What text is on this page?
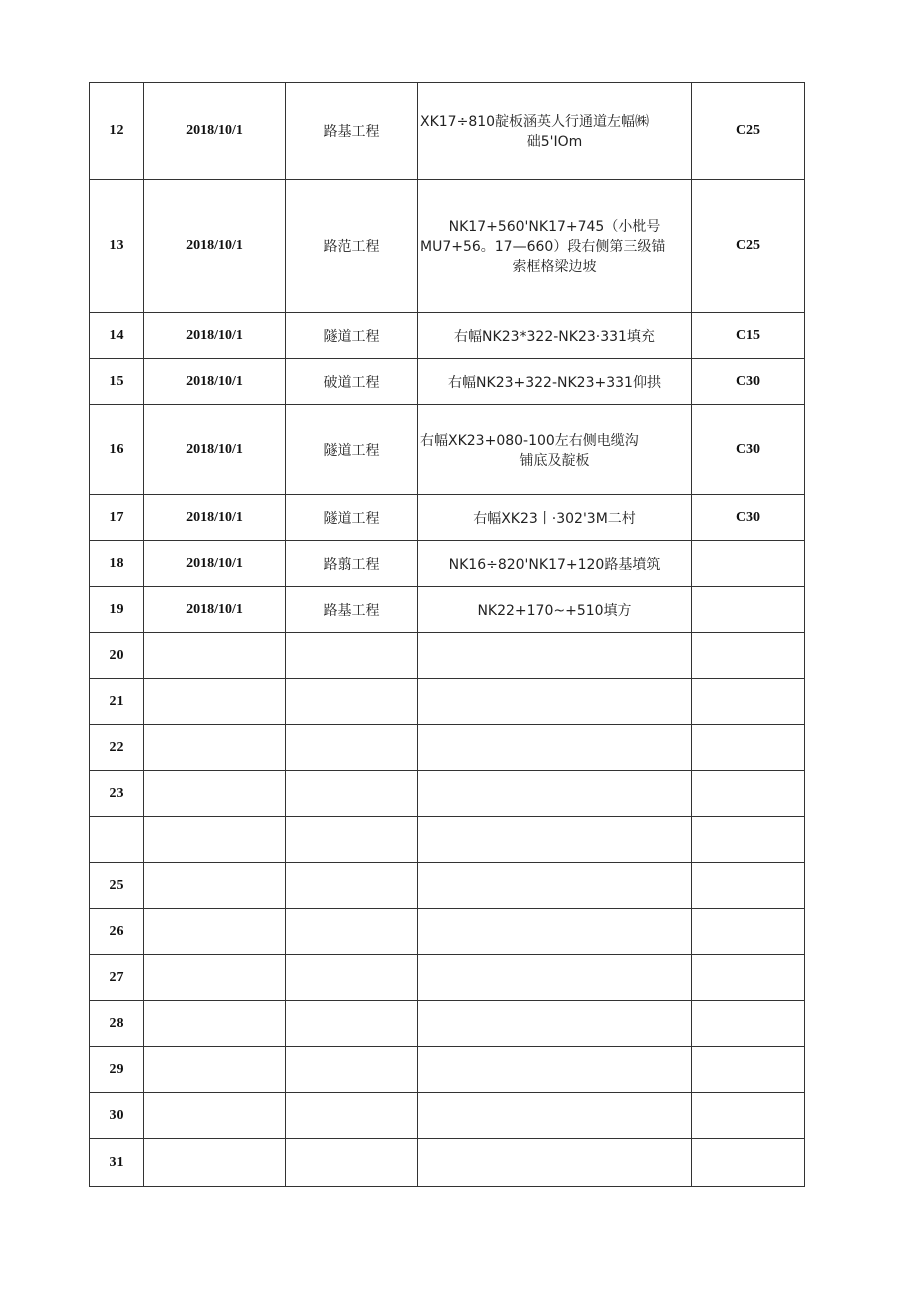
12	2018/10/1	路基工程	XK17÷810靛板涵英人行通道左幅㈱
础5'IOm	C25
13	2018/10/1	路范工程	NK17+560'NK17+745（小枇号
MU7+56。17—660）段右侧第三级锚
索框格梁边坡	C25
14	2018/10/1	隧道工程	右幅NK23*322-NK23·331填充	C15
15	2018/10/1	破道工程	右幅NK23+322-NK23+331仰拱	C30
16	2018/10/1	隧道工程	右幅XK23+080-100左右侧电缆沟
铺底及靛板	C30
17	2018/10/1	隧道工程	右幅XK23丨·302'3M二村	C30
18	2018/10/1	路翦工程	NK16÷820'NK17+120路基墳筑	

19	2018/10/1	路基工程	NK22+170~+510填方	

20				
21				
22				
23				

25				
26				
27				
28				
29				
30				
31				
